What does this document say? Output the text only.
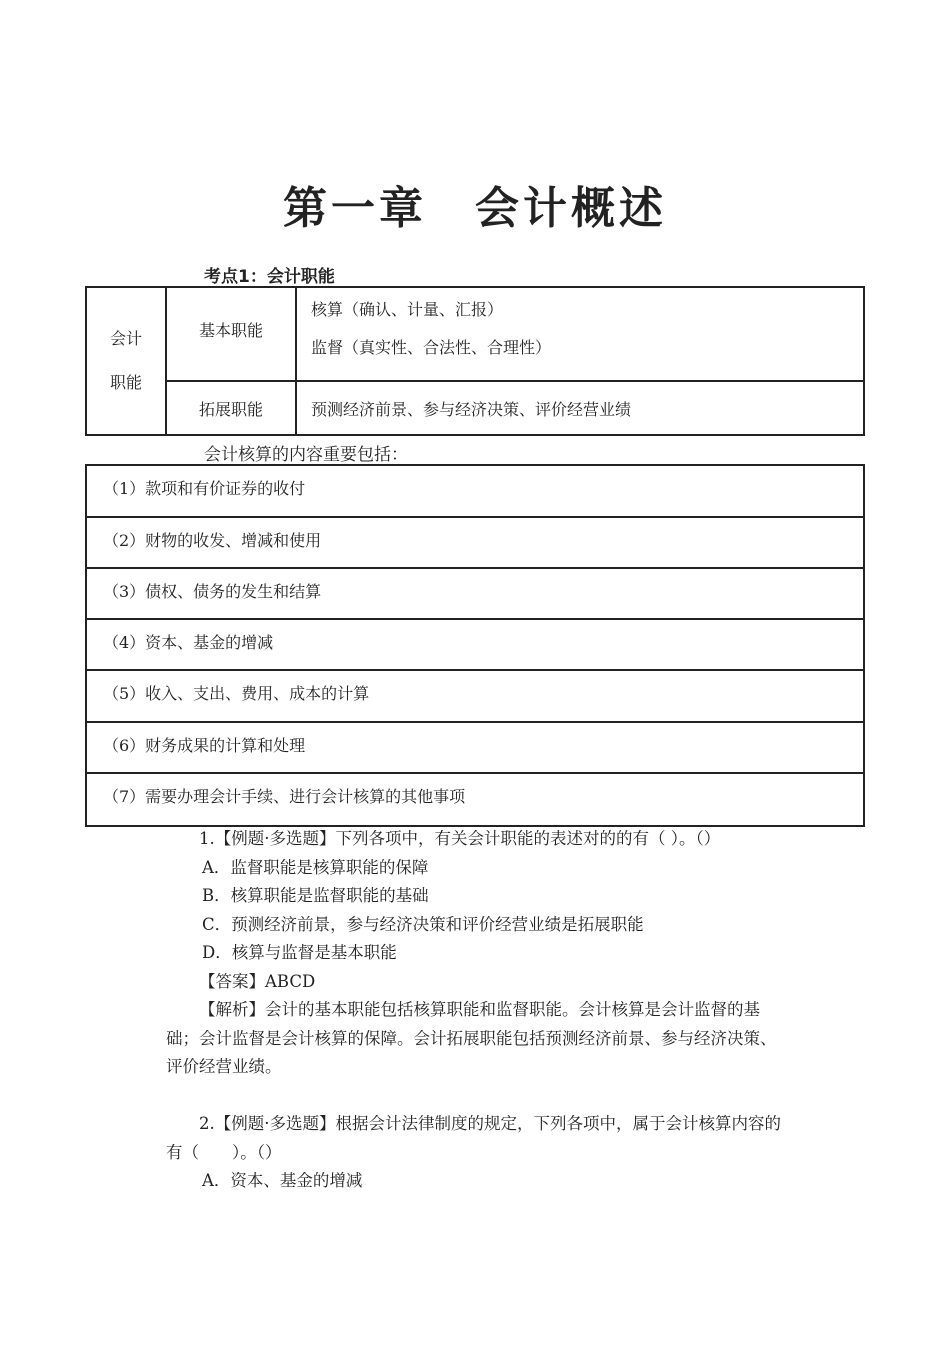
第一章　会计概述
考点1：会计职能
会计职能	基本职能	核算（确认、计量、汇报）
监督（真实性、合法性、合理性）

	拓展职能	预测经济前景、参与经济决策、评价经营业绩
会计核算的内容重要包括：
（1）款项和有价证券的收付
（2）财物的收发、增减和使用
（3）债权、债务的发生和结算
（4）资本、基金的增减
（5）收入、支出、费用、成本的计算
（6）财务成果的计算和处理
（7）需要办理会计手续、进行会计核算的其他事项

1.【例题·多选题】下列各项中，有关会计职能的表述对的的有（ ）。（）

A．监督职能是核算职能的保障

B．核算职能是监督职能的基础

C．预测经济前景，参与经济决策和评价经营业绩是拓展职能

D．核算与监督是基本职能

【答案】ABCD

【解析】会计的基本职能包括核算职能和监督职能。会计核算是会计监督的基础；会计监督是会计核算的保障。会计拓展职能包括预测经济前景、参与经济决策、评价经营业绩。

2.【例题·多选题】根据会计法律制度的规定，下列各项中，属于会计核算内容的有（　　）。（）

A．资本、基金的增减
